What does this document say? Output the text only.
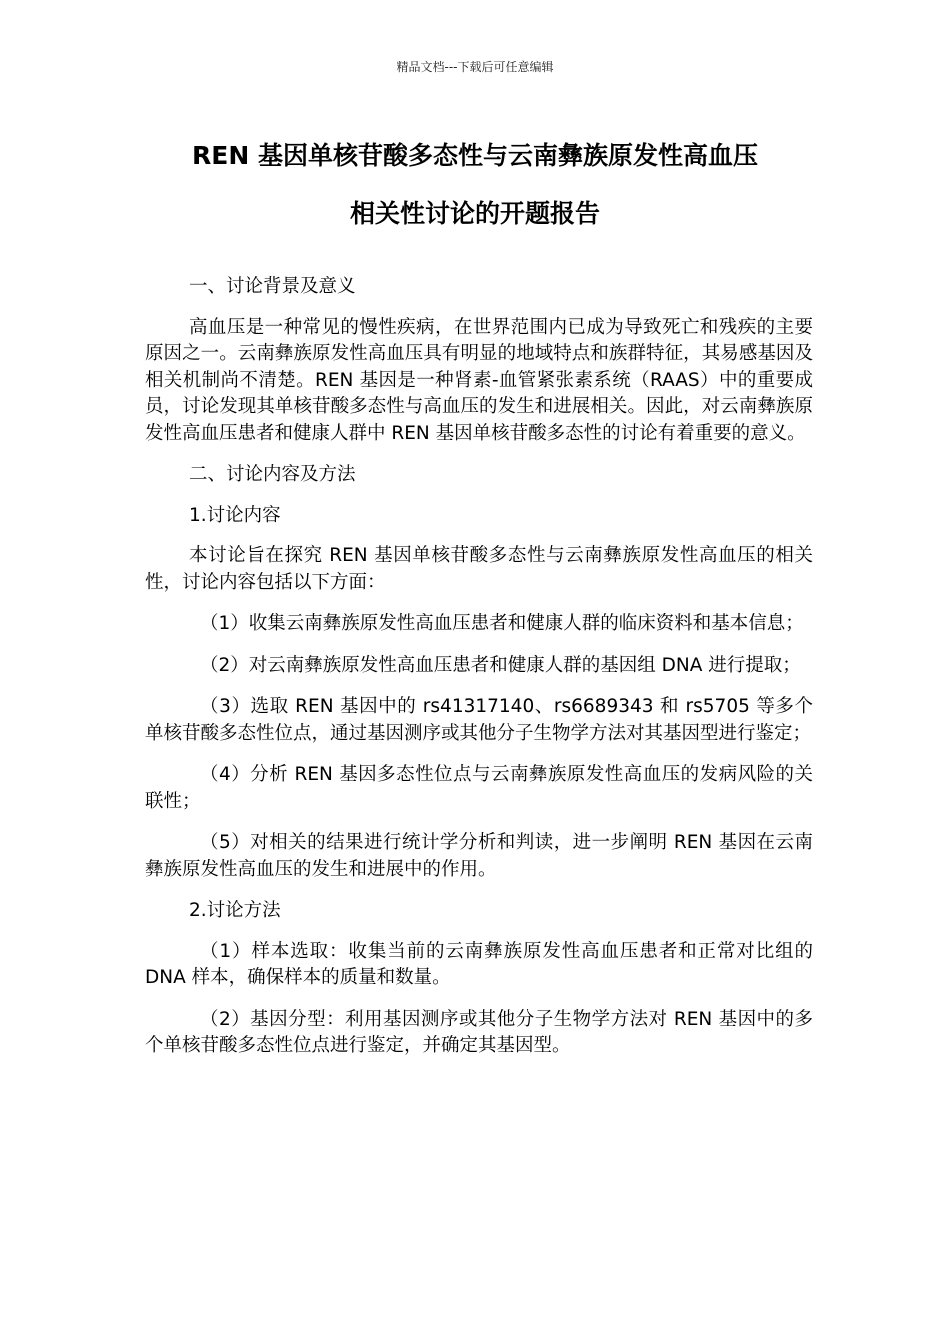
精品文档---下载后可任意编辑
REN 基因单核苷酸多态性与云南彝族原发性高血压
相关性讨论的开题报告

一、讨论背景及意义

高血压是一种常见的慢性疾病，在世界范围内已成为导致死亡和残疾的主要原因之一。云南彝族原发性高血压具有明显的地域特点和族群特征，其易感基因及相关机制尚不清楚。REN 基因是一种肾素-血管紧张素系统（RAAS）中的重要成员，讨论发现其单核苷酸多态性与高血压的发生和进展相关。因此，对云南彝族原发性高血压患者和健康人群中 REN 基因单核苷酸多态性的讨论有着重要的意义。

二、讨论内容及方法

1.讨论内容

本讨论旨在探究 REN 基因单核苷酸多态性与云南彝族原发性高血压的相关性，讨论内容包括以下方面：

（1）收集云南彝族原发性高血压患者和健康人群的临床资料和基本信息；

（2）对云南彝族原发性高血压患者和健康人群的基因组 DNA 进行提取；

（3）选取 REN 基因中的 rs41317140、rs6689343 和 rs5705 等多个单核苷酸多态性位点，通过基因测序或其他分子生物学方法对其基因型进行鉴定；

（4）分析 REN 基因多态性位点与云南彝族原发性高血压的发病风险的关联性；

（5）对相关的结果进行统计学分析和判读，进一步阐明 REN 基因在云南彝族原发性高血压的发生和进展中的作用。

2.讨论方法

（1）样本选取：收集当前的云南彝族原发性高血压患者和正常对比组的 DNA 样本，确保样本的质量和数量。

（2）基因分型：利用基因测序或其他分子生物学方法对 REN 基因中的多个单核苷酸多态性位点进行鉴定，并确定其基因型。
